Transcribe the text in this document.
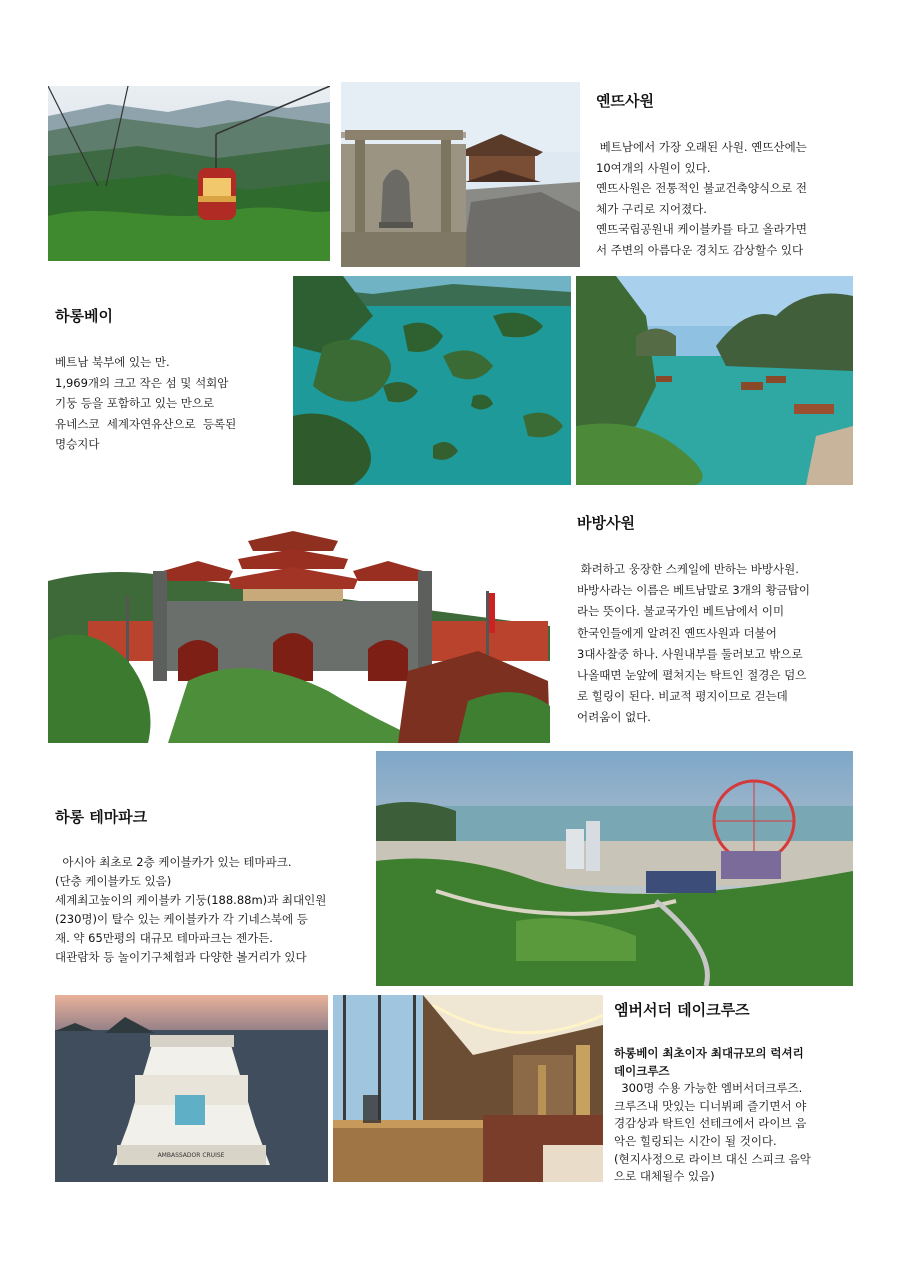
옌뜨사원

베트남에서 가장 오래된 사원. 옌뜨산에는

10여개의 사원이 있다.

옌뜨사원은 전통적인 불교건축양식으로 전

체가 구리로 지어졌다.

옌뜨국립공원내 케이블카를 타고 올라가면

서 주변의 아름다운 경치도 감상할수 있다

하롱베이

베트남 북부에 있는 만.

1,969개의 크고 작은 섬 및 석회암

기둥 등을 포함하고 있는 만으로

유네스코  세계자연유산으로  등록된

명승지다

바방사원

화려하고 웅장한 스케일에 반하는 바방사원.

바방사라는 이름은 베트남말로 3개의 황금탑이

라는 뜻이다. 불교국가인 베트남에서 이미

한국인들에게 알려진 옌뜨사원과 더불어

3대사찰중 하나. 사원내부를 둘러보고 밖으로

나올때면 눈앞에 펼쳐지는 탁트인 절경은 덤으

로 힐링이 된다. 비교적 평지이므로 걷는데

어려움이 없다.

하롱 테마파크

아시아 최초로 2층 케이블카가 있는 테마파크.

(단층 케이블카도 있음)

세계최고높이의 케이블카 기둥(188.88m)과 최대인원

(230명)이 탈수 있는 케이블카가 각 기네스북에 등

재. 약 65만평의 대규모 테마파크는 젠가든.

대관람차 등 놀이기구체험과 다양한 볼거리가 있다

AMBASSADOR CRUISE
엠버서더 데이크루즈

하롱베이 최초이자 최대규모의 럭셔리

데이크루즈

300명 수용 가능한 엠버서더크루즈.

크루즈내 맛있는 디너뷔페 즐기면서 야

경감상과 탁트인 선테크에서 라이브 음

악은 힐링되는 시간이 될 것이다.

(현지사정으로 라이브 대신 스피크 음악

으로 대체될수 있음)
